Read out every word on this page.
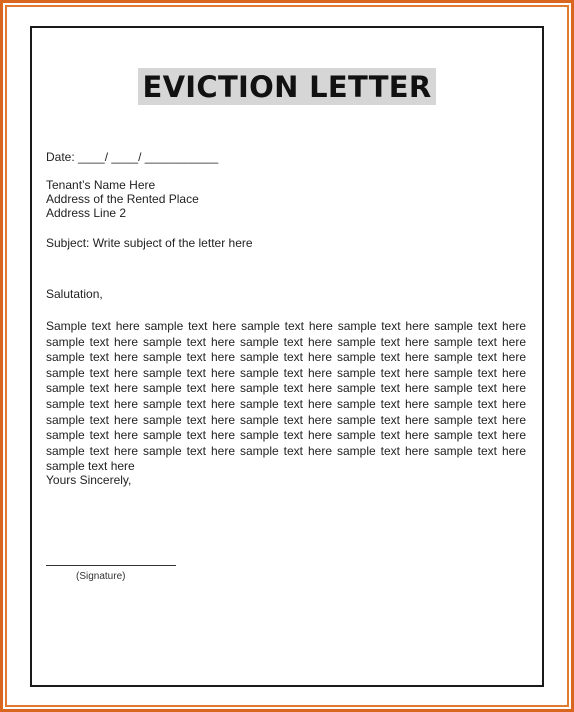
EVICTION LETTER
Date: ____/ ____/ ___________
Tenant’s Name Here
Address of the Rented Place
Address Line 2
Subject: Write subject of the letter here
Salutation,
Sample text here sample text here sample text here sample text here sample text here sample text here sample text here sample text here sample text here sample text here sample text here sample text here sample text here sample text here sample text here sample text here sample text here sample text here sample text here sample text here sample text here sample text here sample text here sample text here sample text here sample text here sample text here sample text here sample text here sample text here sample text here sample text here sample text here sample text here sample text here sample text here sample text here sample text here sample text here sample text here sample text here sample text here sample text here sample text here sample text here sample text here
Yours Sincerely,
(Signature)
